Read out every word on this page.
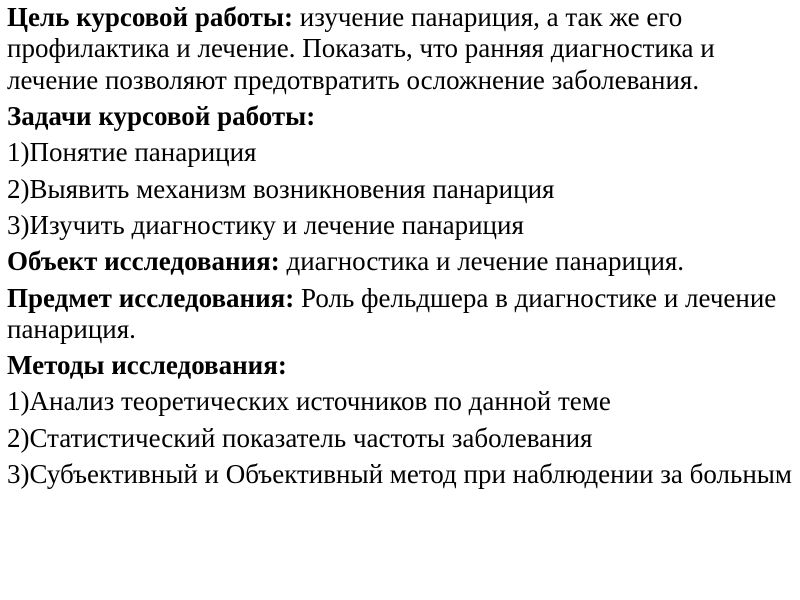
Цель курсовой работы: изучение панариция, а так же его профилактика и лечение. Показать, что ранняя диагностика и лечение позволяют предотвратить осложнение заболевания.

Задачи курсовой работы:

1)Понятие панариция

2)Выявить механизм возникновения панариция

3)Изучить диагностику и лечение панариция

Объект исследования: диагностика и лечение панариция.

Предмет исследования: Роль фельдшера в диагностике и лечение панариция.

Методы исследования:

1)Анализ теоретических источников по данной теме

2)Статистический показатель частоты заболевания

3)Субъективный и Объективный метод при наблюдении за больным
